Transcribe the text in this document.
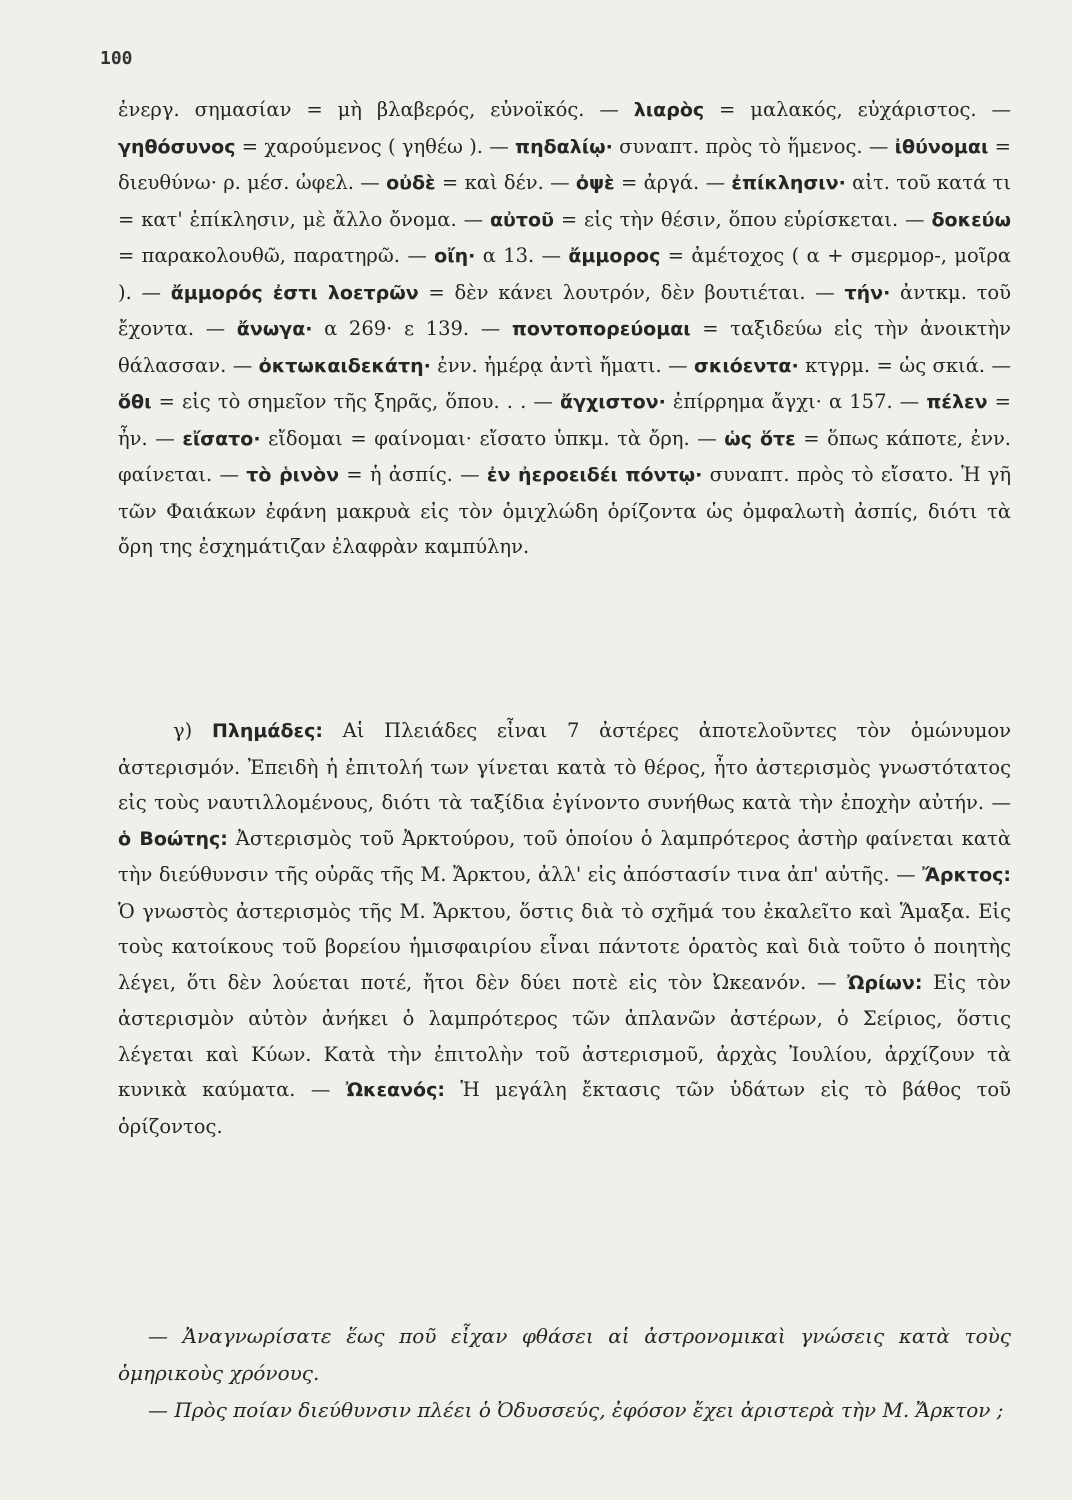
100

ἐνεργ. σημασίαν = μὴ βλαβερός, εὐνοϊκός. — λιαρὸς = μαλακός, εὐχάριστος. — γηθόσυνος = χαρούμενος ( γηθέω ). — πηδαλίῳ· συναπτ. πρὸς τὸ ἥμενος. — ἰθύνομαι = διευθύνω· ρ. μέσ. ὠφελ. — οὐδὲ = καὶ δέν. — ὀψὲ = ἀργά. — ἐπίκλησιν· αἰτ. τοῦ κατά τι = κατ' ἐπίκλησιν, μὲ ἄλλο ὄνομα. — αὐτοῦ = εἰς τὴν θέσιν, ὅπου εὑρίσκεται. — δοκεύω = παρακολουθῶ, παρατηρῶ. — οἴη· α 13. — ἄμμορος = ἀμέτοχος ( α + σμερμορ-, μοῖρα ). — ἄμμορός ἐστι λοετρῶν = δὲν κάνει λουτρόν, δὲν βουτιέται. — τήν· ἀντκμ. τοῦ ἔχοντα. — ἄνωγα· α 269· ε 139. — ποντοπορεύομαι = ταξιδεύω εἰς τὴν ἀνοικτὴν θάλασσαν. — ὀκτωκαιδεκάτη· ἐνν. ἡμέρᾳ ἀντὶ ἤματι. — σκιόεντα· κτγρμ. = ὡς σκιά. — ὅθι = εἰς τὸ σημεῖον τῆς ξηρᾶς, ὅπου. . . — ἄγχιστον· ἐπίρρημα ἄγχι· α 157. — πέλεν = ἦν. — εἴσατο· εἴδομαι = φαίνομαι· εἴσατο ὑπκμ. τὰ ὄρη. — ὡς ὅτε = ὅπως κάποτε, ἐνν. φαίνεται. — τὸ ῥινὸν = ἡ ἀσπίς. — ἐν ἠεροειδέι πόντῳ· συναπτ. πρὸς τὸ εἴσατο. Ἡ γῆ τῶν Φαιάκων ἐφάνη μακρυὰ εἰς τὸν ὁμιχλώδη ὁρίζοντα ὡς ὀμφαλωτὴ ἀσπίς, διότι τὰ ὄρη της ἐσχημάτιζαν ἐλαφρὰν καμπύλην.

γ) Πλημάδες: Αἱ Πλειάδες εἶναι 7 ἀστέρες ἀποτελοῦντες τὸν ὁμώνυμον ἀστερισμόν. Ἐπειδὴ ἡ ἐπιτολή των γίνεται κατὰ τὸ θέρος, ἦτο ἀστερισμὸς γνωστότατος εἰς τοὺς ναυτιλλομένους, διότι τὰ ταξίδια ἐγίνοντο συνήθως κατὰ τὴν ἐποχὴν αὐτήν. — ὁ Βοώτης: Ἀστερισμὸς τοῦ Ἀρκτούρου, τοῦ ὁποίου ὁ λαμπρότερος ἀστὴρ φαίνεται κατὰ τὴν διεύθυνσιν τῆς οὐρᾶς τῆς Μ. Ἄρκτου, ἀλλ' εἰς ἀπόστασίν τινα ἀπ' αὐτῆς. — Ἄρκτος: Ὁ γνωστὸς ἀστερισμὸς τῆς Μ. Ἄρκτου, ὅστις διὰ τὸ σχῆμά του ἐκαλεῖτο καὶ Ἅμαξα. Εἰς τοὺς κατοίκους τοῦ βορείου ἡμισφαιρίου εἶναι πάντοτε ὁρατὸς καὶ διὰ τοῦτο ὁ ποιητὴς λέγει, ὅτι δὲν λούεται ποτέ, ἤτοι δὲν δύει ποτὲ εἰς τὸν Ὠκεανόν. — Ὠρίων: Εἰς τὸν ἀστερισμὸν αὐτὸν ἀνήκει ὁ λαμπρότερος τῶν ἀπλανῶν ἀστέρων, ὁ Σείριος, ὅστις λέγεται καὶ Κύων. Κατὰ τὴν ἐπιτολὴν τοῦ ἀστερισμοῦ, ἀρχὰς Ἰουλίου, ἀρχίζουν τὰ κυνικὰ καύματα. — Ὠκεανός: Ἡ μεγάλη ἔκτασις τῶν ὑδάτων εἰς τὸ βάθος τοῦ ὁρίζοντος.

— Ἀναγνωρίσατε ἕως ποῦ εἶχαν φθάσει αἱ ἀστρονομικαὶ γνώσεις κατὰ τοὺς ὁμηρικοὺς χρόνους.

— Πρὸς ποίαν διεύθυνσιν πλέει ὁ Ὀδυσσεύς, ἐφόσον ἔχει ἀριστερὰ τὴν Μ. Ἄρκτον ;
